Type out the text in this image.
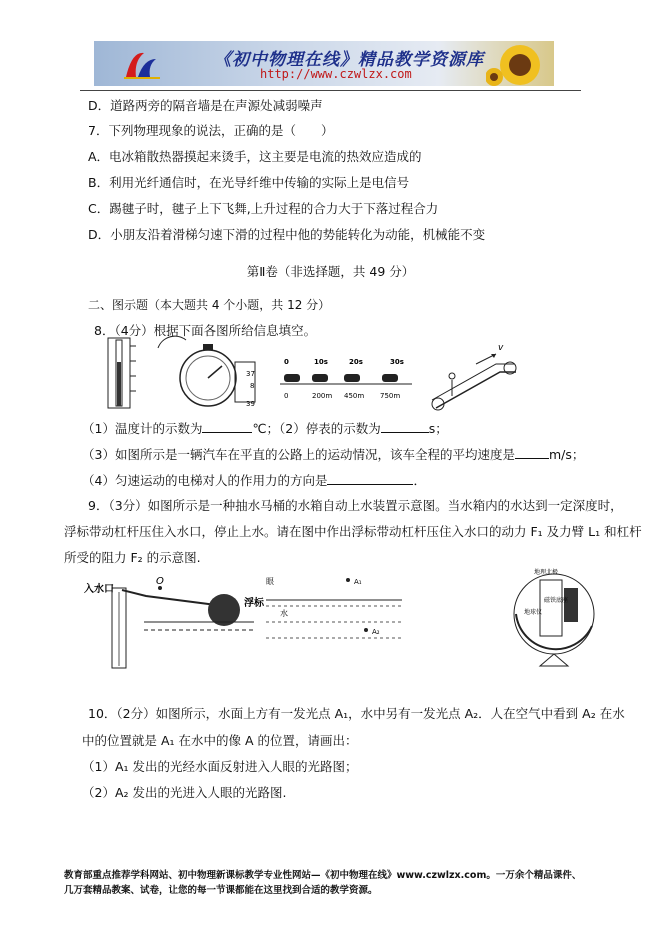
《初中物理在线》精品教学资源库
http://www.czwlzx.com
D．道路两旁的隔音墙是在声源处减弱噪声
7．下列物理现象的说法，正确的是（　　）
A．电冰箱散热器摸起来烫手，这主要是电流的热效应造成的
B．利用光纤通信时，在光导纤维中传输的实际上是电信号
C．踢毽子时，毽子上下飞舞,上升过程的合力大于下落过程合力
D．小朋友沿着滑梯匀速下滑的过程中他的势能转化为动能，机械能不变
第Ⅱ卷（非选择题，共 49 分）
二、图示题（本大题共 4 个小题，共 12 分）
8．（4分）根据下面各图所给信息填空。
37
8
39
0	10s	20s	30s
0	200m 450m 750m
v
（1）温度计的示数为	℃；（2）停表的示数为	s；
（3）如图所示是一辆汽车在平直的公路上的运动情况，该车全程的平均速度是	m/s；
（4）匀速运动的电梯对人的作用力的方向是	．
9．（3分）如图所示是一种抽水马桶的水箱自动上水装置示意图。当水箱内的水达到一定深度时，
浮标带动杠杆压住入水口，停止上水。请在图中作出浮标带动杠杆压住入水口的动力 F₁ 及力臂 L₁ 和杠杆
所受的阻力 F₂ 的示意图.
入水口
O
浮标
眼	A₁
A₂
水
地理北极
地球仪
磁铁底座
10．（2分）如图所示，水面上方有一发光点 A₁，水中另有一发光点 A₂．人在空气中看到 A₂ 在水
中的位置就是 A₁ 在水中的像 A 的位置，请画出：
（1）A₁ 发出的光经水面反射进入人眼的光路图；
（2）A₂ 发出的光进入人眼的光路图.
教育部重点推荐学科网站、初中物理新课标教学专业性网站—《初中物理在线》www.czwlzx.com。一万余个精品课件、
几万套精品教案、试卷，让您的每一节课都能在这里找到合适的教学资源。
